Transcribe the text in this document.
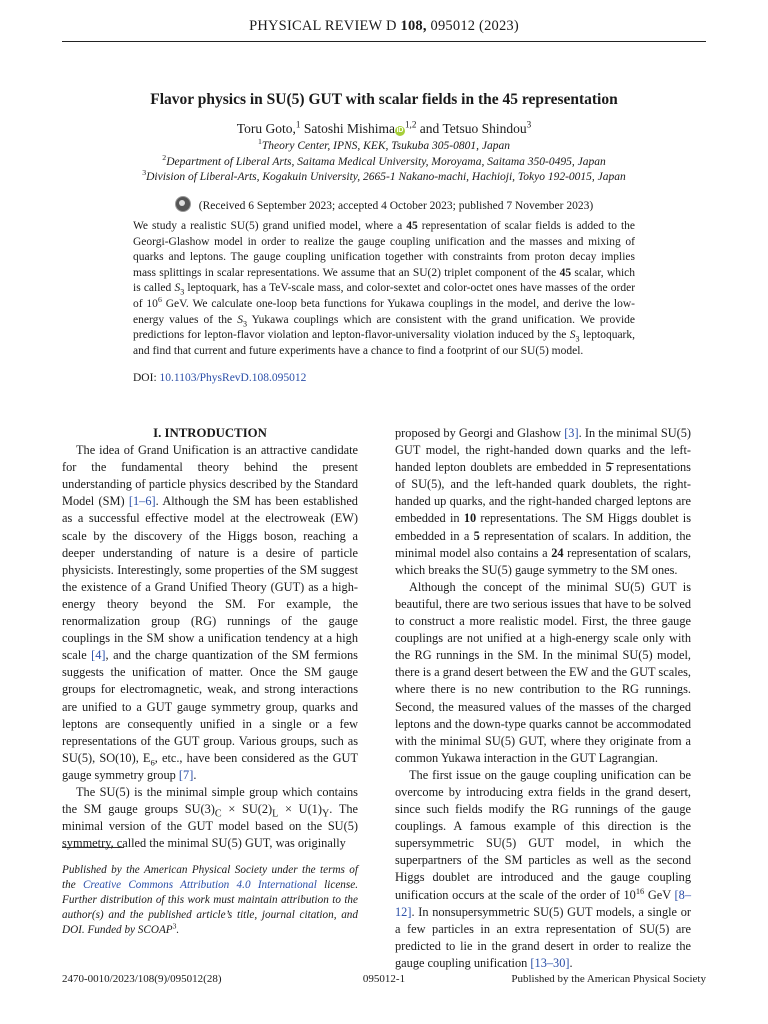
PHYSICAL REVIEW D 108, 095012 (2023)
Flavor physics in SU(5) GUT with scalar fields in the 45 representation
Toru Goto,$^1$ Satoshi Mishima iD$^{1,2}$ and Tetsuo Shindou$^3$
$^1$Theory Center, IPNS, KEK, Tsukuba 305-0801, Japan
$^2$Department of Liberal Arts, Saitama Medical University, Moroyama, Saitama 350-0495, Japan
$^3$Division of Liberal-Arts, Kogakuin University, 2665-1 Nakano-machi, Hachioji, Tokyo 192-0015, Japan
(Received 6 September 2023; accepted 4 October 2023; published 7 November 2023)
We study a realistic SU(5) grand unified model, where a 45 representation of scalar fields is added to the Georgi-Glashow model in order to realize the gauge coupling unification and the masses and mixing of quarks and leptons. The gauge coupling unification together with constraints from proton decay implies mass splittings in scalar representations. We assume that an SU(2) triplet component of the 45 scalar, which is called $S_3$ leptoquark, has a TeV-scale mass, and color-sextet and color-octet ones have masses of the order of $10^6$ GeV. We calculate one-loop beta functions for Yukawa couplings in the model, and derive the low-energy values of the $S_3$ Yukawa couplings which are consistent with the grand unification. We provide predictions for lepton-flavor violation and lepton-flavor-universality violation induced by the $S_3$ leptoquark, and find that current and future experiments have a chance to find a footprint of our SU(5) model.
DOI: 10.1103/PhysRevD.108.095012

I. INTRODUCTION

The idea of Grand Unification is an attractive candidate for the fundamental theory behind the present understanding of particle physics described by the Standard Model (SM) [1–6]. Although the SM has been established as a successful effective model at the electroweak (EW) scale by the discovery of the Higgs boson, reaching a deeper understanding of nature is a desire of particle physicists. Interestingly, some properties of the SM suggest the existence of a Grand Unified Theory (GUT) as a high-energy theory beyond the SM. For example, the renormalization group (RG) runnings of the gauge couplings in the SM show a unification tendency at a high scale [4], and the charge quantization of the SM fermions suggests the unification of matter. Once the SM gauge groups for electromagnetic, weak, and strong interactions are unified to a GUT gauge symmetry group, quarks and leptons are consequently unified in a single or a few representations of the GUT group. Various groups, such as SU(5), SO(10), $E_6$, etc., have been considered as the GUT gauge symmetry group [7].

The SU(5) is the minimal simple group which contains the SM gauge groups $SU(3)_C \times SU(2)_L \times U(1)_Y$. The minimal version of the GUT model based on the SU(5) symmetry, called the minimal SU(5) GUT, was originally

Published by the American Physical Society under the terms of the Creative Commons Attribution 4.0 International license. Further distribution of this work must maintain attribution to the author(s) and the published article’s title, journal citation, and DOI. Funded by SCOAP$^3$.

proposed by Georgi and Glashow [3]. In the minimal SU(5) GUT model, the right-handed down quarks and the left-handed lepton doublets are embedded in 5̄ representations of SU(5), and the left-handed quark doublets, the right-handed up quarks, and the right-handed charged leptons are embedded in 10 representations. The SM Higgs doublet is embedded in a 5 representation of scalars. In addition, the minimal model also contains a 24 representation of scalars, which breaks the SU(5) gauge symmetry to the SM ones.

Although the concept of the minimal SU(5) GUT is beautiful, there are two serious issues that have to be solved to construct a more realistic model. First, the three gauge couplings are not unified at a high-energy scale only with the RG runnings in the SM. In the minimal SU(5) model, there is a grand desert between the EW and the GUT scales, where there is no new contribution to the RG runnings. Second, the measured values of the masses of the charged leptons and the down-type quarks cannot be accommodated with the minimal SU(5) GUT, where they originate from a common Yukawa interaction in the GUT Lagrangian.

The first issue on the gauge coupling unification can be overcome by introducing extra fields in the grand desert, since such fields modify the RG runnings of the gauge couplings. A famous example of this direction is the supersymmetric SU(5) GUT model, in which the superpartners of the SM particles as well as the second Higgs doublet are introduced and the gauge coupling unification occurs at the scale of the order of $10^{16}$ GeV [8–12]. In nonsupersymmetric SU(5) GUT models, a single or a few particles in an extra representation of SU(5) are predicted to lie in the grand desert in order to realize the gauge coupling unification [13–30].

2470-0010/2023/108(9)/095012(28)	095012-1	Published by the American Physical Society
